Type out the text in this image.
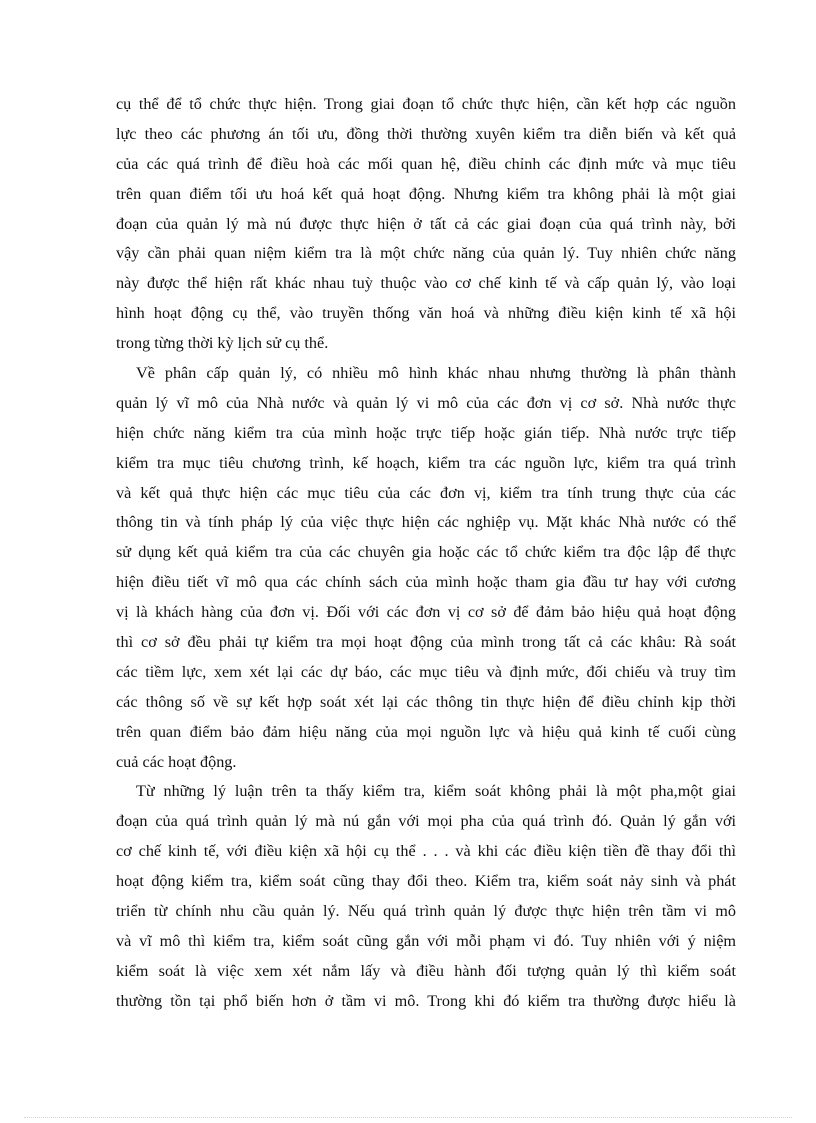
cụ thể để tổ chức thực hiện. Trong giai đoạn tổ chức thực hiện, cần kết hợp các nguồn
lực theo các phương án tối ưu, đồng thời thường xuyên kiểm tra diễn biến và kết quả
của các quá trình để điều hoà các mối quan hệ, điều chỉnh các định mức và mục tiêu
trên quan điểm tối ưu hoá kết quả hoạt động. Nhưng kiểm tra không phải là một giai
đoạn của quản lý mà nú được thực hiện ở tất cả các giai đoạn của quá trình này, bởi
vậy cần phải quan niệm kiểm tra là một chức năng của quản lý. Tuy nhiên chức năng
này được thể hiện rất khác nhau tuỳ thuộc vào cơ chế kinh tế và cấp quản lý, vào loại
hình hoạt động cụ thể, vào truyền thống văn hoá và những điều kiện kinh tế xã hội
trong từng thời kỳ lịch sử cụ thể.
Về phân cấp quản lý, có nhiều mô hình khác nhau nhưng thường là phân thành
quản lý vĩ mô của Nhà nước và quản lý vi mô của các đơn vị cơ sở. Nhà nước thực
hiện chức năng kiểm tra của mình hoặc trực tiếp hoặc gián tiếp. Nhà nước trực tiếp
kiểm tra mục tiêu chương trình, kế hoạch, kiểm tra các nguồn lực, kiểm tra quá trình
và kết quả thực hiện các mục tiêu của các đơn vị, kiểm tra tính trung thực của các
thông tin và tính pháp lý của việc thực hiện các nghiệp vụ. Mặt khác Nhà nước có thể
sử dụng kết quả kiểm tra của các chuyên gia hoặc các tổ chức kiểm tra độc lập để thực
hiện điều tiết vĩ mô qua các chính sách của mình hoặc tham gia đầu tư hay với cương
vị là khách hàng của đơn vị. Đối với các đơn vị cơ sở để đảm bảo hiệu quả hoạt động
thì cơ sở đều phải tự kiểm tra mọi hoạt động của mình trong tất cả các khâu: Rà soát
các tiềm lực, xem xét lại các dự báo, các mục tiêu và định mức, đối chiếu và truy tìm
các thông số về sự kết hợp soát xét lại các thông tin thực hiện để điều chỉnh kịp thời
trên quan điểm bảo đảm hiệu năng của mọi nguồn lực và hiệu quả kinh tế cuối cùng
cuả các hoạt động.
Từ những lý luận trên ta thấy kiểm tra, kiểm soát không phải là một pha,một giai
đoạn của quá trình quản lý mà nú gắn với mọi pha của quá trình đó. Quản lý gắn với
cơ chế kinh tế, với điều kiện xã hội cụ thể . . . và khi các điều kiện tiền đề thay đổi thì
hoạt động kiểm tra, kiểm soát cũng thay đổi theo. Kiểm tra, kiểm soát nảy sinh và phát
triển từ chính nhu cầu quản lý. Nếu quá trình quản lý được thực hiện trên tầm vi mô
và vĩ mô thì kiểm tra, kiểm soát cũng gắn với mỗi phạm vi đó. Tuy nhiên với ý niệm
kiểm soát là việc xem xét nắm lấy và điều hành đối tượng quản lý thì kiểm soát
thường tồn tại phổ biến hơn ở tầm vi mô. Trong khi đó kiểm tra thường được hiểu là
